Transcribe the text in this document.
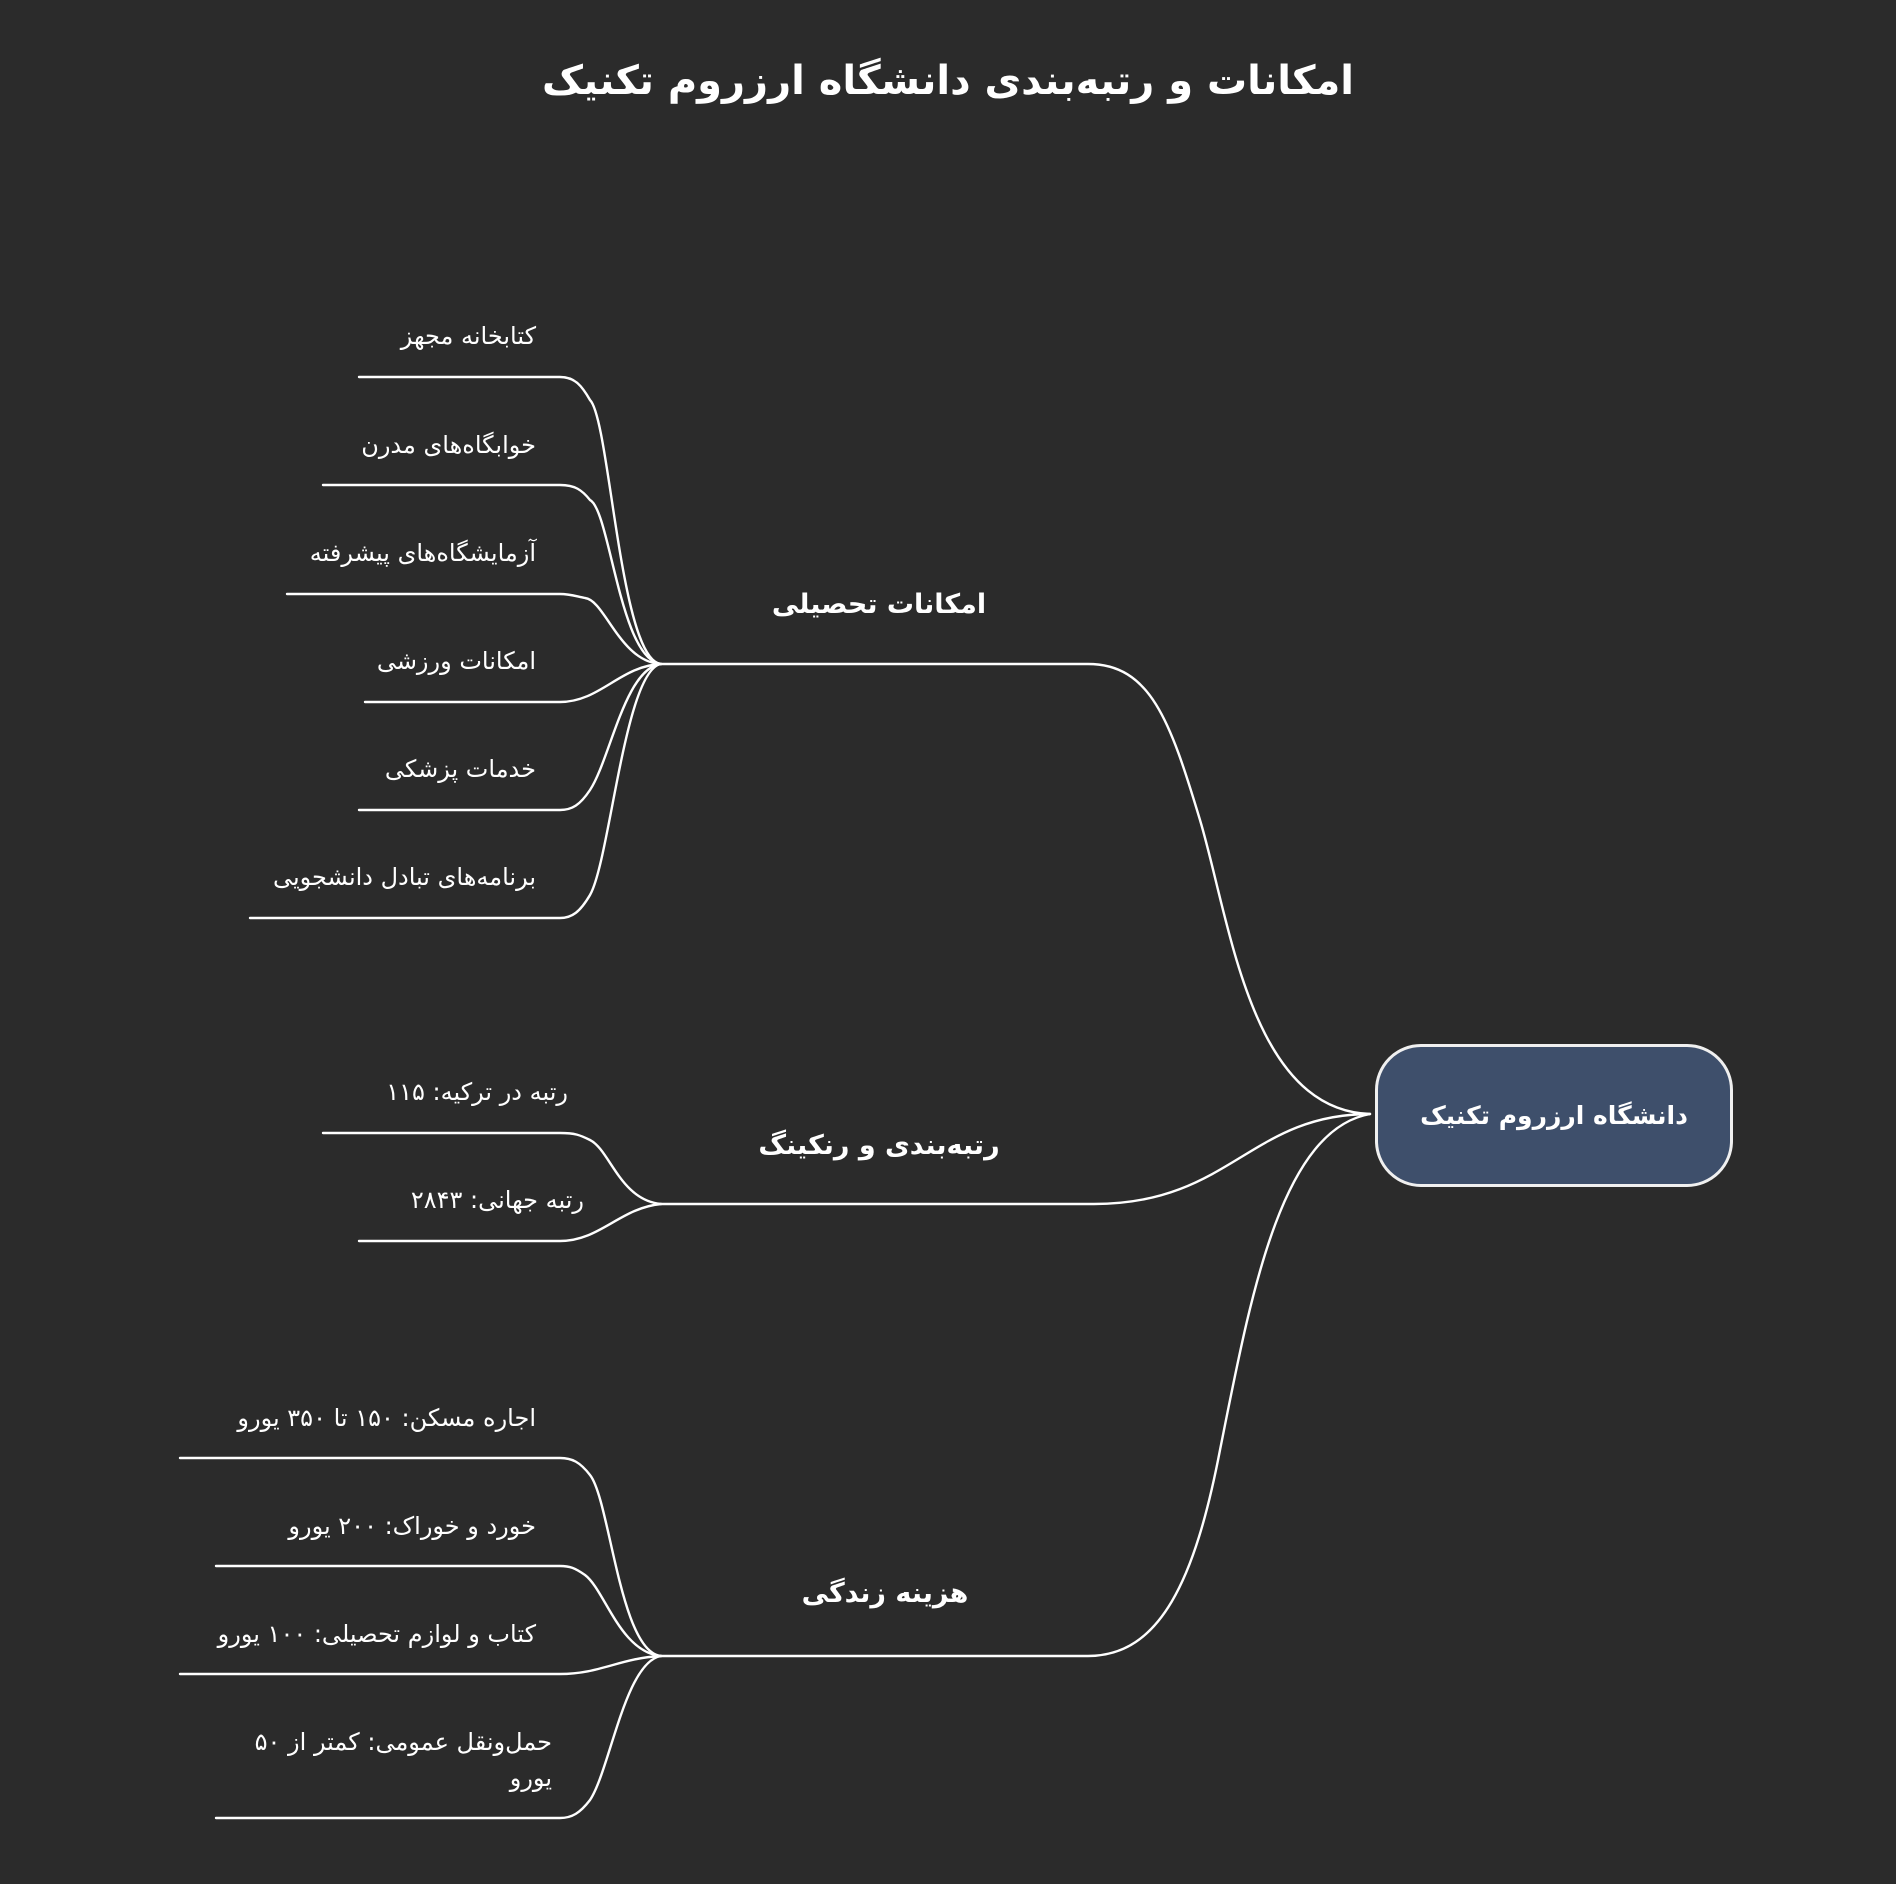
امکانات و رتبه‌بندی دانشگاه ارزروم تکنیک
دانشگاه ارزروم تکنیک
امکانات تحصیلی
رتبه‌بندی و رنکینگ
هزینه زندگی
کتابخانه مجهز
خوابگاه‌های مدرن
آزمایشگاه‌های پیشرفته
امکانات ورزشی
خدمات پزشکی
برنامه‌های تبادل دانشجویی
رتبه در ترکیه: ۱۱۵
رتبه جهانی: ۲۸۴۳
اجاره مسکن: ۱۵۰ تا ۳۵۰ یورو
خورد و خوراک: ۲۰۰ یورو
کتاب و لوازم تحصیلی: ۱۰۰ یورو
حمل‌ونقل عمومی: کمتر از ۵۰ یورو
